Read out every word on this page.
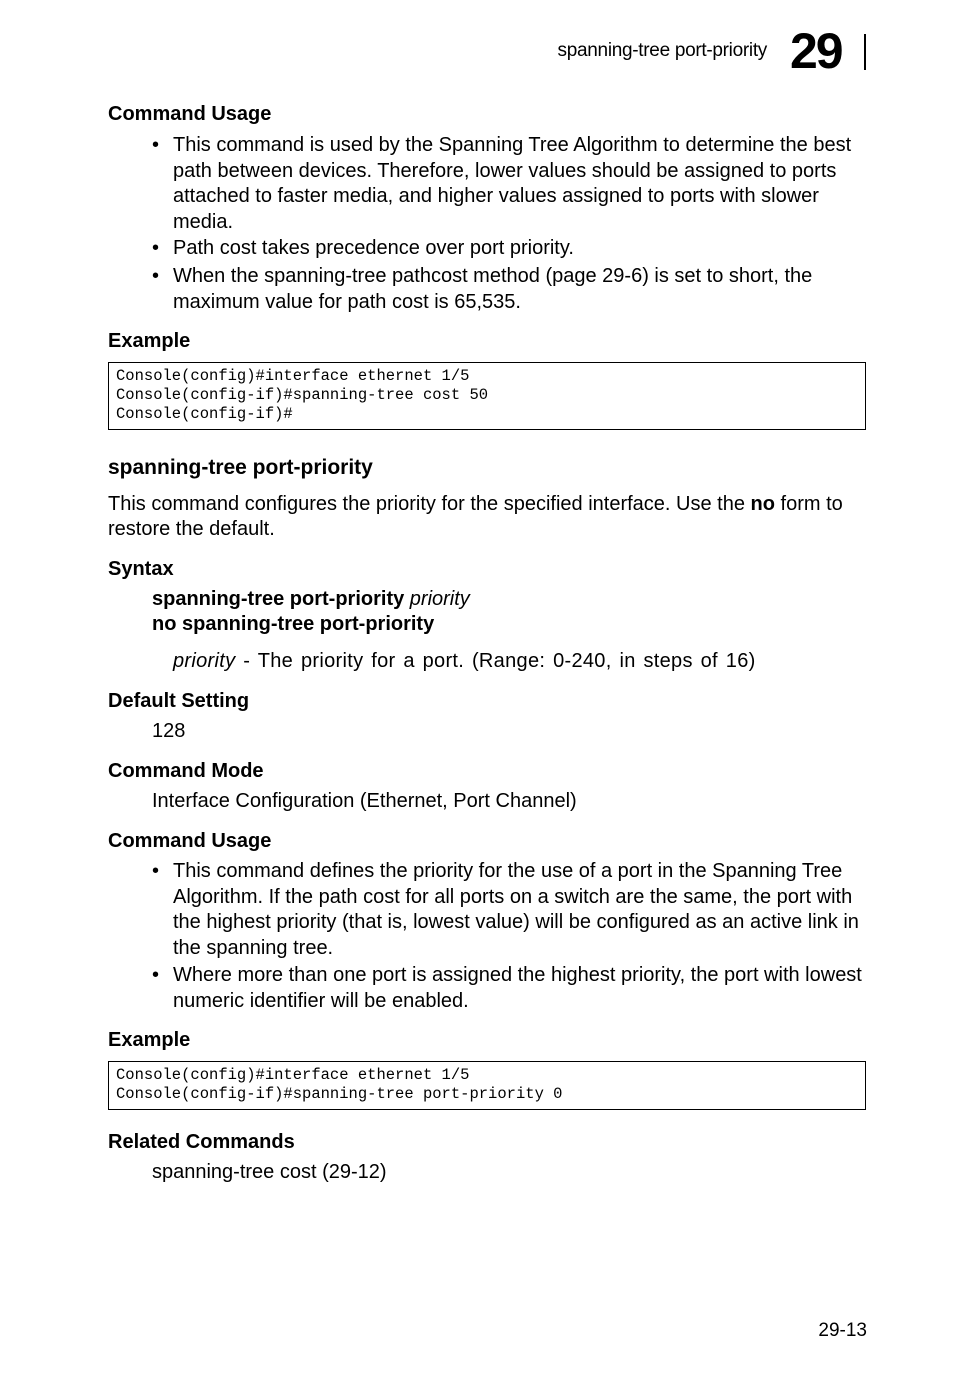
spanning-tree port-priority 29
Command Usage
• This command is used by the Spanning Tree Algorithm to determine the best
path between devices. Therefore, lower values should be assigned to ports
attached to faster media, and higher values assigned to ports with slower
media.
• Path cost takes precedence over port priority.
• When the spanning-tree pathcost method (page 29-6) is set to short, the
maximum value for path cost is 65,535.
Example
Console(config)#interface ethernet 1/5
Console(config-if)#spanning-tree cost 50
Console(config-if)#
spanning-tree port-priority
This command configures the priority for the specified interface. Use the no form to
restore the default.
Syntax
spanning-tree port-priority priority
no spanning-tree port-priority
priority - The priority for a port. (Range: 0-240, in steps of 16)
Default Setting
128
Command Mode
Interface Configuration (Ethernet, Port Channel)
Command Usage
• This command defines the priority for the use of a port in the Spanning Tree
Algorithm. If the path cost for all ports on a switch are the same, the port with
the highest priority (that is, lowest value) will be configured as an active link in
the spanning tree.
• Where more than one port is assigned the highest priority, the port with lowest
numeric identifier will be enabled.
Example
Console(config)#interface ethernet 1/5
Console(config-if)#spanning-tree port-priority 0
Related Commands
spanning-tree cost (29-12)
29-13
